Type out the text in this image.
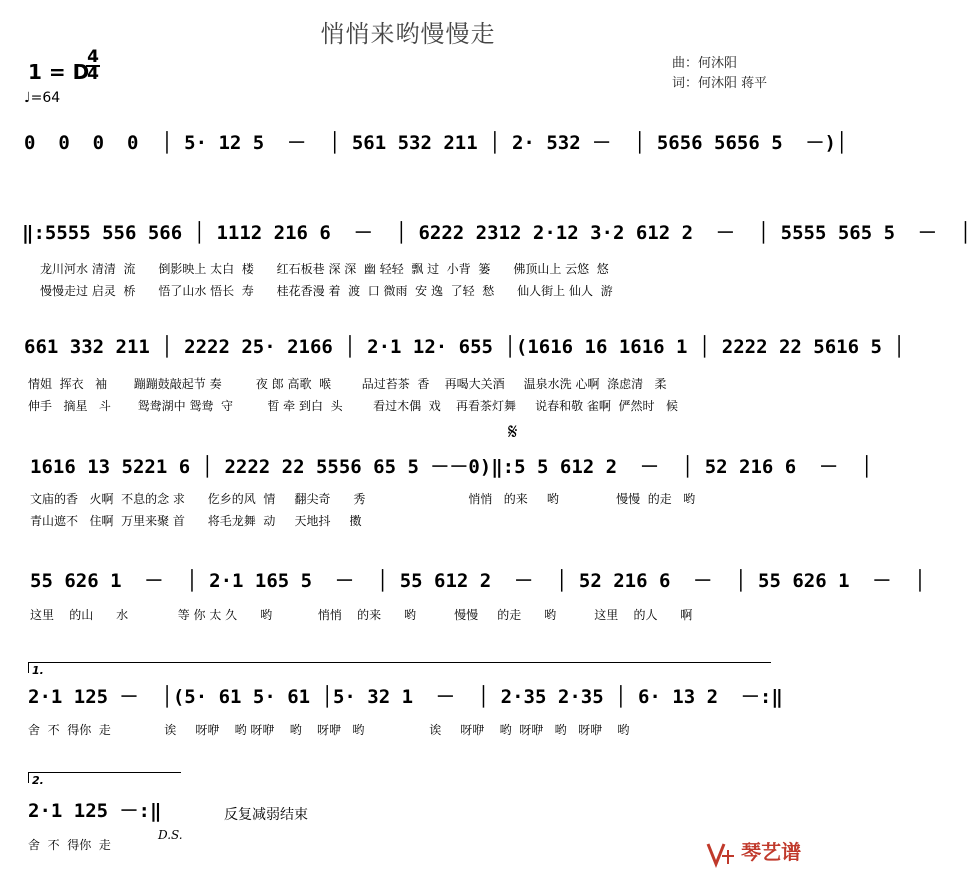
悄悄来哟慢慢走
曲：何沐阳
词：何沐阳 蒋平
1 = D
4
4
♩=64
0  0  0  0  │ 5· 12 5  －  │ 561 532 211 │ 2· 532 －  │ 5656 5656 5  －)│
‖:5555 556 566 │ 1112 216 6  －  │ 6222 2312 2·12 3·2 612 2  －  │ 5555 565 5  －  │
龙川河水 清清  流      倒影映上 太白  楼      红石板巷 深 深  幽 轻轻  飘 过  小背  篓      佛顶山上 云悠  悠
慢慢走过 启灵  桥      悟了山水 悟长  寿      桂花香漫 着  渡  口 微雨  安 逸  了轻  愁      仙人街上 仙人  游
661 332 211 │ 2222 25· 2166 │ 2·1 12· 655 │(1616 16 1616 1 │ 2222 22 5616 5 │
情姐  挥衣   袖       蹦蹦鼓敲起节 奏         夜 郎 高歌  喉        品过苔茶  香    再喝大关酒     温泉水洗 心啊  涤虑清   柔
伸手   摘星   斗       鸳鸯湖中 鸳鸯  守         晢 牵 到白  头        看过木偶  戏    再看茶灯舞     说春和敬 雀啊  俨然时   候
𝄋
1616 13 5221 6 │ 2222 22 5556 65 5 －－0)‖:5 5 612 2  －  │ 52 216 6  －  │
文庙的香   火啊  不息的念 求      仡乡的风  情     翻尖奇      秀                           悄悄   的来     哟               慢慢  的走   哟
青山遮不   住啊  万里来聚 首      将毛龙舞  动     天地抖     擞
55 626 1  －  │ 2·1 165 5  －  │ 55 612 2  －  │ 52 216 6  －  │ 55 626 1  －  │
这里    的山      水             等 你 太 久      哟            悄悄    的来      哟          慢慢     的走      哟          这里    的人      啊
1.
2·1 125 －  │(5· 61 5· 61 │5· 32 1  －  │ 2·35 2·35 │ 6· 13 2  －:‖
舍  不  得你  走              诶     呀咿    哟 呀咿    哟    呀咿   哟                 诶     呀咿    哟  呀咿   哟   呀咿    哟
2.
2·1 125 －:‖
舍  不  得你  走
D.S.
反复减弱结束
琴艺谱
